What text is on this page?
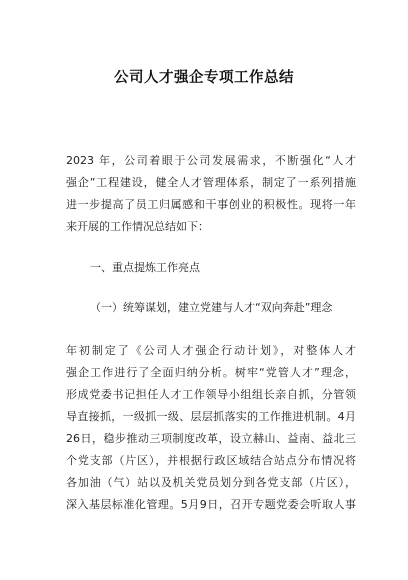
公司人才强企专项工作总结
2023 年，公司着眼于公司发展需求，不断强化“人才
强企”工程建设，健全人才管理体系，制定了一系列措施
进一步提高了员工归属感和干事创业的积极性。现将一年
来开展的工作情况总结如下：
一、重点提炼工作亮点
（一）统筹谋划，建立党建与人才“双向奔赴”理念
年初制定了《公司人才强企行动计划》，对整体人才
强企工作进行了全面归纳分析。树牢“党管人才”理念，
形成党委书记担任人才工作领导小组组长亲自抓，分管领
导直接抓，一级抓一级、层层抓落实的工作推进机制。4月
26日，稳步推动三项制度改革，设立赫山、益南、益北三
个党支部（片区），并根据行政区域结合站点分布情况将
各加油（气）站以及机关党员划分到各党支部（片区），
深入基层标准化管理。5月9日，召开专题党委会听取人事
